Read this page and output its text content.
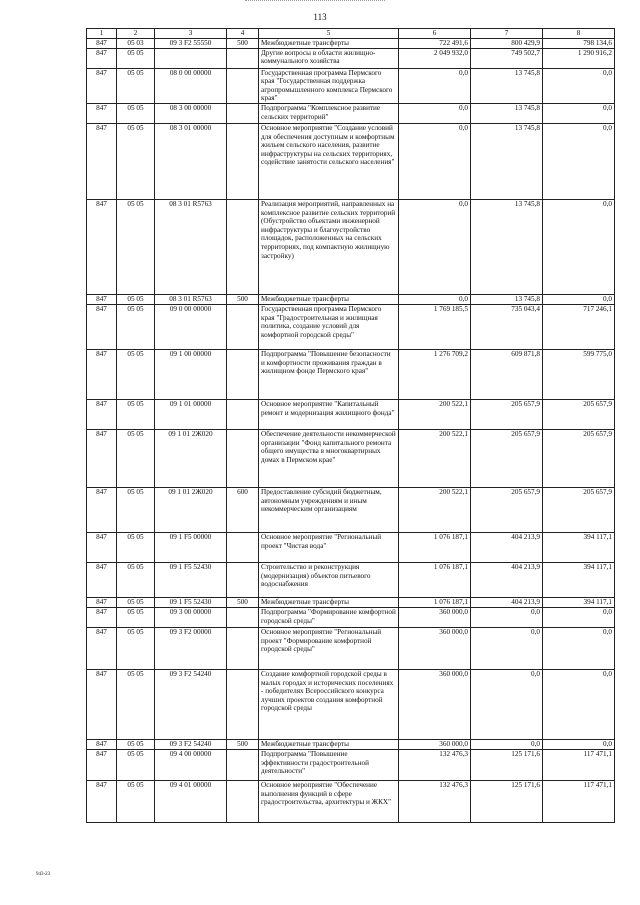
113
1	2	3	4	5	6	7	8
847	05 03	09 3 F2 55550	500	Межбюджетные трансферты	722 491,6	800 429,9	798 134,6
847	05 05			Другие вопросы в области жилищно-коммунального хозяйства	2 049 932,0	749 502,7	1 290 916,2
847	05 05	08 0 00 00000		Государственная программа Пермского края "Государственная поддержка агропромышленного комплекса Пермского края"	0,0	13 745,8	0,0
847	05 05	08 3 00 00000		Подпрограмма "Комплексное развитие сельских территорий"	0,0	13 745,8	0,0
847	05 05	08 3 01 00000		Основное мероприятие "Создание условий для обеспечения доступным и комфортным жильем сельского населения, развитие инфраструктуры на сельских территориях, содействие занятости сельского населения"	0,0	13 745,8	0,0
847	05 05	08 3 01 R5763		Реализация мероприятий, направленных на комплексное развитие сельских территорий (Обустройство объектами инженерной инфраструктуры и благоустройство площадок, расположенных на сельских территориях, под компактную жилищную застройку)	0,0	13 745,8	0,0
847	05 05	08 3 01 R5763	500	Межбюджетные трансферты	0,0	13 745,8	0,0
847	05 05	09 0 00 00000		Государственная программа Пермского края "Градостроительная и жилищная политика, создание условий для комфортной городской среды"	1 769 185,5	735 043,4	717 246,1
847	05 05	09 1 00 00000		Подпрограмма "Повышение безопасности и комфортности проживания граждан в жилищном фонде Пермского края"	1 276 709,2	609 871,8	599 775,0
847	05 05	09 1 01 00000		Основное мероприятие "Капитальный ремонт и модернизация жилищного фонда"	200 522,1	205 657,9	205 657,9
847	05 05	09 1 01 2Ж020		Обеспечение деятельности некоммерческой организации "Фонд капитального ремонта общего имущества в многоквартирных домах в Пермском крае"	200 522,1	205 657,9	205 657,9
847	05 05	09 1 01 2Ж020	600	Предоставление субсидий бюджетным, автономным учреждениям и иным некоммерческим организациям	200 522,1	205 657,9	205 657,9
847	05 05	09 1 F5 00000		Основное мероприятие "Региональный проект "Чистая вода"	1 076 187,1	404 213,9	394 117,1
847	05 05	09 1 F5 52430		Строительство и реконструкция (модернизация) объектов питьевого водоснабжения	1 076 187,1	404 213,9	394 117,1
847	05 05	09 1 F5 52430	500	Межбюджетные трансферты	1 076 187,1	404 213,9	394 117,1
847	05 05	09 3 00 00000		Подпрограмма "Формирование комфортной городской среды"	360 000,0	0,0	0,0
847	05 05	09 3 F2 00000		Основное мероприятие "Региональный проект "Формирование комфортной городской среды"	360 000,0	0,0	0,0
847	05 05	09 3 F2 54240		Создание комфортной городской среды в малых городах и исторических поселениях - победителях Всероссийского конкурса лучших проектов создания комфортной городской среды	360 000,0	0,0	0,0
847	05 05	09 3 F2 54240	500	Межбюджетные трансферты	360 000,0	0,0	0,0
847	05 05	09 4 00 00000		Подпрограмма "Повышение эффективности градостроительной деятельности"	132 476,3	125 171,6	117 471,1
847	05 05	09 4 01 00000		Основное мероприятие "Обеспечение выполнения функций в сфере градостроительства, архитектуры и ЖКХ"	132 476,3	125 171,6	117 471,1
943-23
